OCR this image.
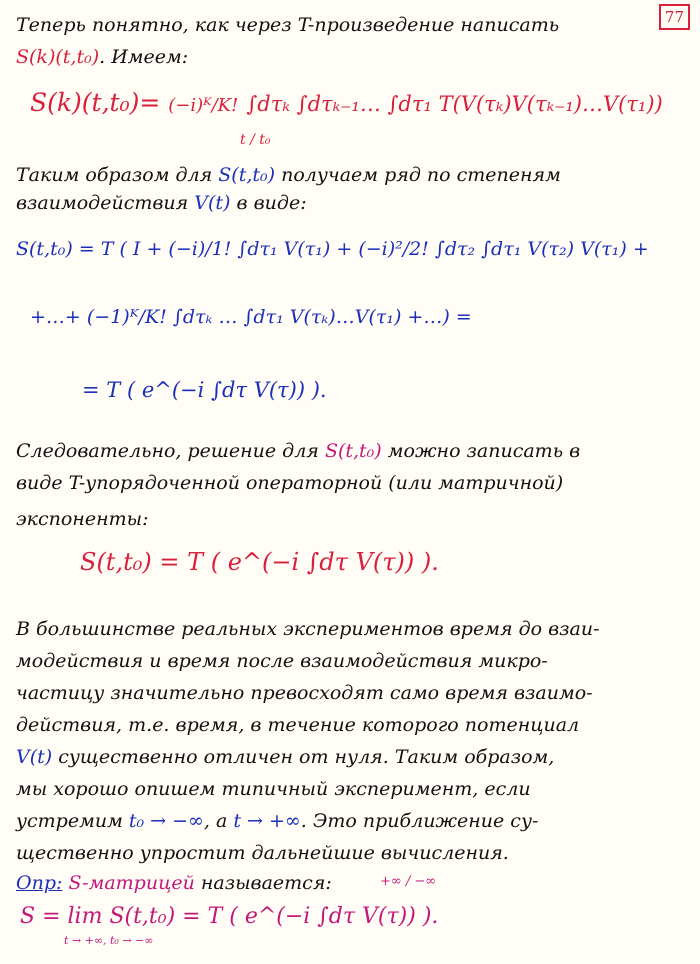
77
Теперь понятно, как через T-произведение написать
S(k)(t,t₀). Имеем:
S(k)(t,t₀)= (−i)ᴷ/K! ∫dτₖ ∫dτₖ₋₁… ∫dτ₁ T(V(τₖ)V(τₖ₋₁)…V(τ₁))
t / t₀
Таким образом для S(t,t₀) получаем ряд по степеням
взаимодействия V(t) в виде:
S(t,t₀) = T ( I + (−i)/1! ∫dτ₁ V(τ₁) + (−i)²/2! ∫dτ₂ ∫dτ₁ V(τ₂) V(τ₁) +
+…+ (−1)ᴷ/K! ∫dτₖ … ∫dτ₁ V(τₖ)…V(τ₁) +…) =
= T ( e^(−i ∫dτ V(τ)) ).
Следовательно, решение для S(t,t₀) можно записать в
виде T-упорядоченной операторной (или матричной)
экспоненты:
S(t,t₀) = T ( e^(−i ∫dτ V(τ)) ).
В большинстве реальных экспериментов время до взаи-
модействия и время после взаимодействия микро-
частицу значительно превосходят само время взаимо-
действия, т.е. время, в течение которого потенциал
V(t) существенно отличен от нуля. Таким образом,
мы хорошо опишем типичный эксперимент, если
устремим t₀ → −∞, а t → +∞. Это приближение су-
щественно упростит дальнейшие вычисления.
Опр: S-матрицей называется:
S = lim S(t,t₀) = T ( e^(−i ∫dτ V(τ)) ).
t → +∞, t₀ → −∞
+∞ / −∞
